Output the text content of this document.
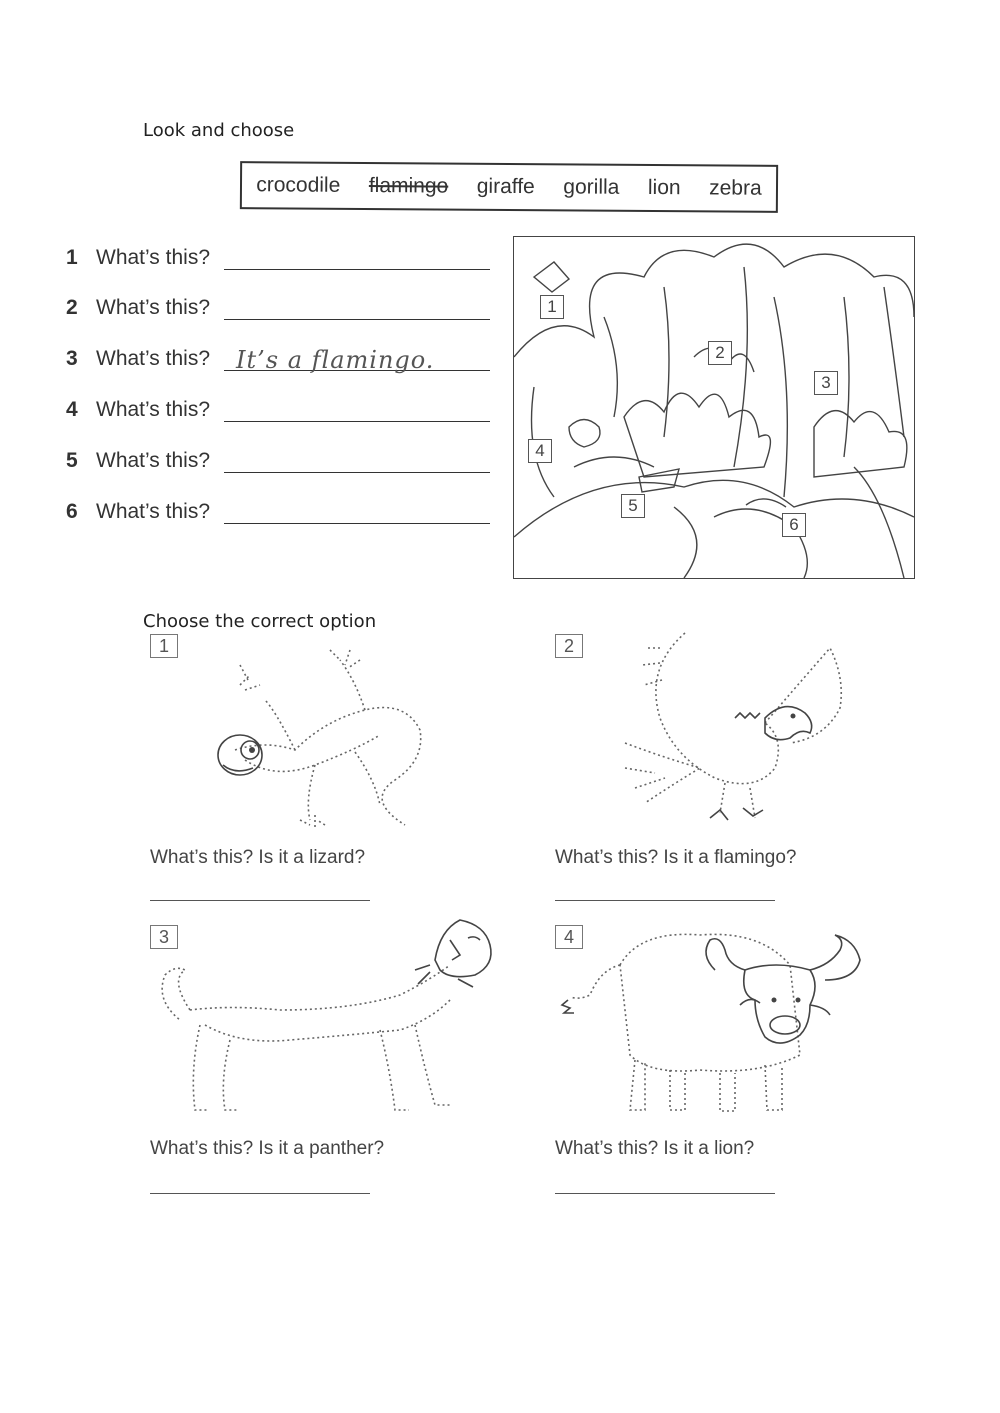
Look and choose
crocodile flamingo giraffe gorilla lion zebra
1 What’s this?
2 What’s this?
3 What’s this?	It’s a flamingo.
4 What’s this?
5 What’s this?
6 What’s this?
1
2
3
4
5
6
Choose the correct option
1
What’s this? Is it a lizard?
2
What’s this? Is it a flamingo?
3
What’s this? Is it a panther?
4
What’s this? Is it a lion?
